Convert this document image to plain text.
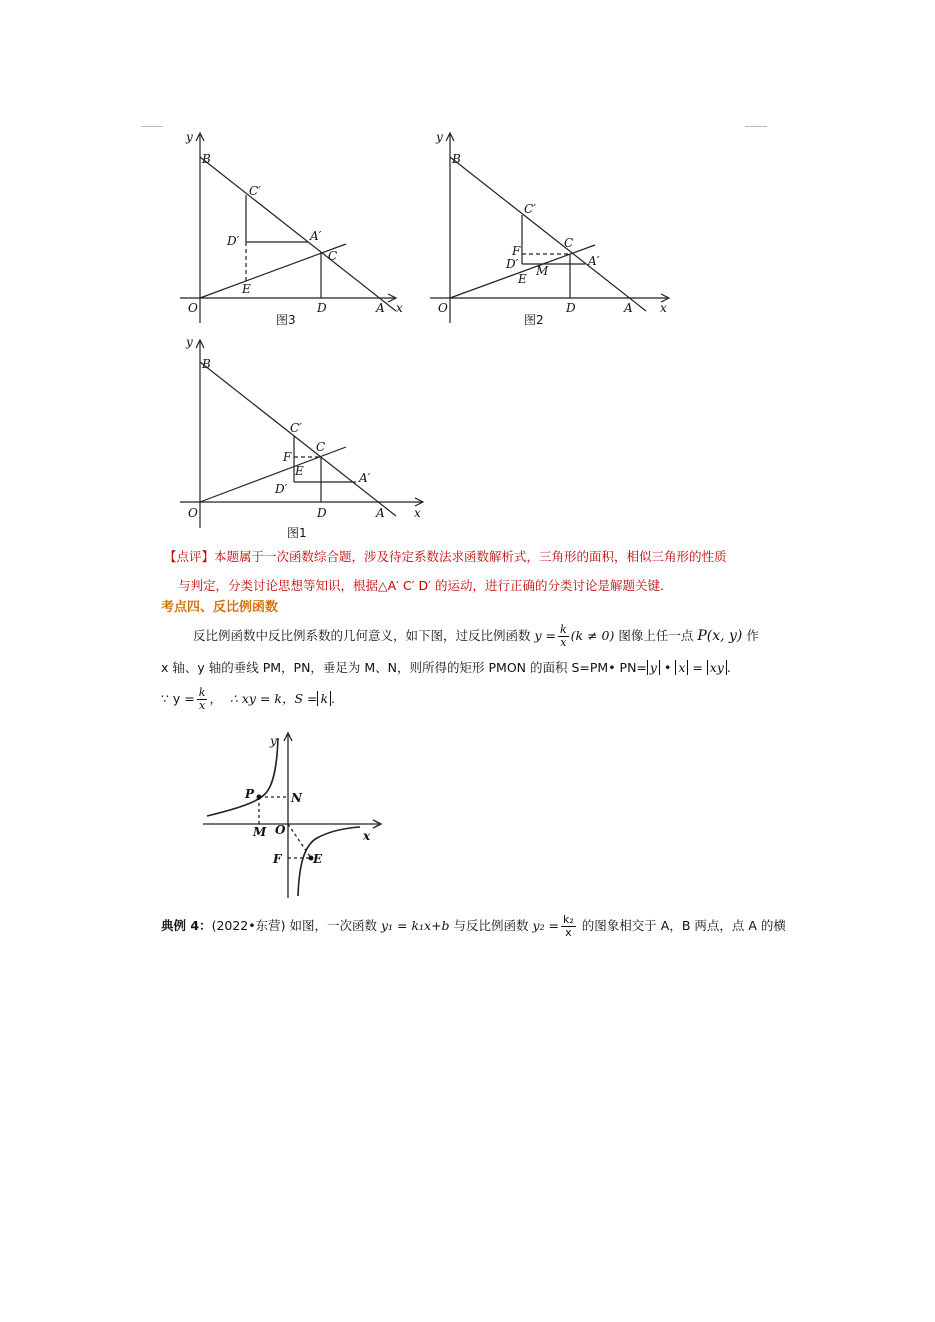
y
B
C′
D′	A′
C
E
O	D	A x
图3
y
B
C′
F
C
D′ M
A′
E
O	D	A x
图2
y
B
C′
C
F
E
D′
A′
O	D	A x
图1
【点评】本题属于一次函数综合题，涉及待定系数法求函数解析式，三角形的面积，相似三角形的性质
与判定，分类讨论思想等知识，根据△A′ C′ D′ 的运动，进行正确的分类讨论是解题关键．
考点四、反比例函数
反比例函数中反比例系数的几何意义，如下图，过反比例函数 $y = \frac{k}{x} (k \ne 0)$ 图像上任一点 P(x, y) 作
x 轴、y 轴的垂线 PM，PN，垂足为 M、N，则所得的矩形 PMON 的面积 S=PM• PN= y • x = xy .
∵ $y = \frac{k}{x}$ ， ∴ xy = k，S = k .
y
P	N
M O	x
F	E
典例 4：(2022•东营) 如图，一次函数 y₁ = k₁x+b 与反比例函数 $y_2 = \frac{\text{k₂}}{x}$ 的图象相交于 A，B 两点，点 A 的横
